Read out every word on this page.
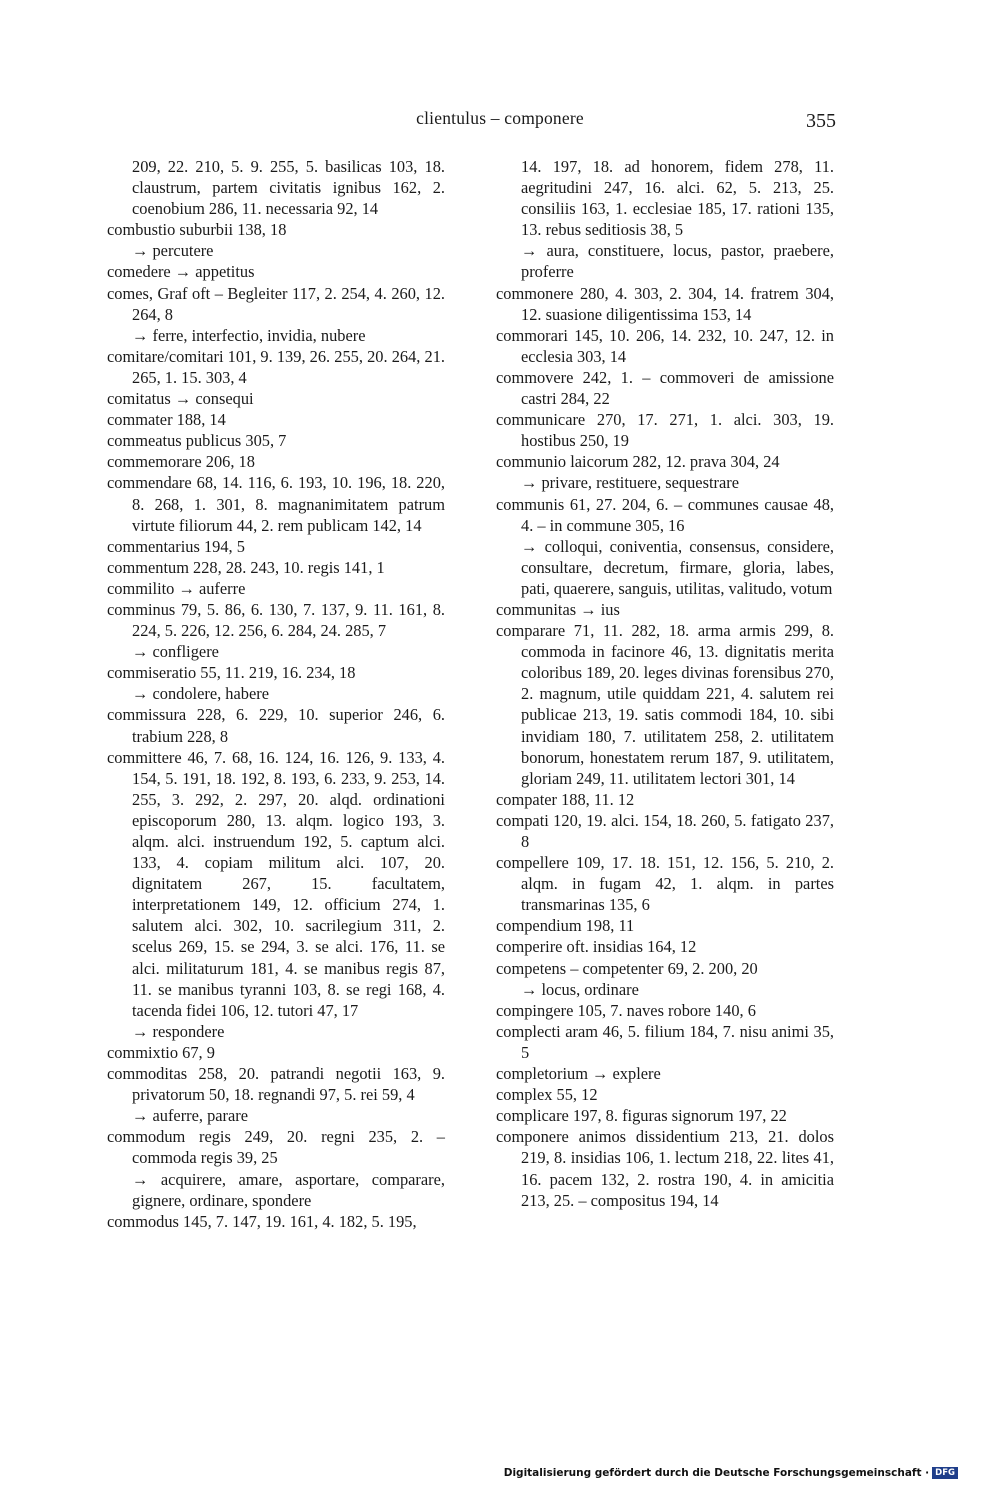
clientulus – componere	355

209, 22. 210, 5. 9. 255, 5. basilicas 103, 18. claustrum, partem civitatis ignibus 162, 2. coenobium 286, 11. necessaria 92, 14

combustio suburbii 138, 18

→ percutere

comedere → appetitus

comes, Graf oft – Begleiter 117, 2. 254, 4. 260, 12. 264, 8

→ ferre, interfectio, invidia, nubere

comitare/comitari 101, 9. 139, 26. 255, 20. 264, 21. 265, 1. 15. 303, 4

comitatus → consequi

commater 188, 14

commeatus publicus 305, 7

commemorare 206, 18

commendare 68, 14. 116, 6. 193, 10. 196, 18. 220, 8. 268, 1. 301, 8. magnanimitatem patrum virtute filiorum 44, 2. rem publicam 142, 14

commentarius 194, 5

commentum 228, 28. 243, 10. regis 141, 1

commilito → auferre

comminus 79, 5. 86, 6. 130, 7. 137, 9. 11. 161, 8. 224, 5. 226, 12. 256, 6. 284, 24. 285, 7

→ confligere

commiseratio 55, 11. 219, 16. 234, 18

→ condolere, habere

commissura 228, 6. 229, 10. superior 246, 6. trabium 228, 8

committere 46, 7. 68, 16. 124, 16. 126, 9. 133, 4. 154, 5. 191, 18. 192, 8. 193, 6. 233, 9. 253, 14. 255, 3. 292, 2. 297, 20. alqd. ordinationi episcoporum 280, 13. alqm. logico 193, 3. alqm. alci. instruendum 192, 5. captum alci. 133, 4. copiam militum alci. 107, 20. dignitatem 267, 15. facultatem, interpretationem 149, 12. officium 274, 1. salutem alci. 302, 10. sacrilegium 311, 2. scelus 269, 15. se 294, 3. se alci. 176, 11. se alci. militaturum 181, 4. se manibus regis 87, 11. se manibus tyranni 103, 8. se regi 168, 4. tacenda fidei 106, 12. tutori 47, 17

→ respondere

commixtio 67, 9

commoditas 258, 20. patrandi negotii 163, 9. privatorum 50, 18. regnandi 97, 5. rei 59, 4

→ auferre, parare

commodum regis 249, 20. regni 235, 2. – commoda regis 39, 25

→ acquirere, amare, asportare, comparare, gignere, ordinare, spondere

commodus 145, 7. 147, 19. 161, 4. 182, 5. 195,

14. 197, 18. ad honorem, fidem 278, 11. aegritudini 247, 16. alci. 62, 5. 213, 25. consiliis 163, 1. ecclesiae 185, 17. rationi 135, 13. rebus seditiosis 38, 5

→ aura, constituere, locus, pastor, praebere, proferre

commonere 280, 4. 303, 2. 304, 14. fratrem 304, 12. suasione diligentissima 153, 14

commorari 145, 10. 206, 14. 232, 10. 247, 12. in ecclesia 303, 14

commovere 242, 1. – commoveri de amissione castri 284, 22

communicare 270, 17. 271, 1. alci. 303, 19. hostibus 250, 19

communio laicorum 282, 12. prava 304, 24

→ privare, restituere, sequestrare

communis 61, 27. 204, 6. – communes causae 48, 4. – in commune 305, 16

→ colloqui, coniventia, consensus, considere, consultare, decretum, firmare, gloria, labes, pati, quaerere, sanguis, utilitas, valitudo, votum

communitas → ius

comparare 71, 11. 282, 18. arma armis 299, 8. commoda in facinore 46, 13. dignitatis merita coloribus 189, 20. leges divinas forensibus 270, 2. magnum, utile quiddam 221, 4. salutem rei publicae 213, 19. satis commodi 184, 10. sibi invidiam 180, 7. utilitatem 258, 2. utilitatem bonorum, honestatem rerum 187, 9. utilitatem, gloriam 249, 11. utilitatem lectori 301, 14

compater 188, 11. 12

compati 120, 19. alci. 154, 18. 260, 5. fatigato 237, 8

compellere 109, 17. 18. 151, 12. 156, 5. 210, 2. alqm. in fugam 42, 1. alqm. in partes transmarinas 135, 6

compendium 198, 11

comperire oft. insidias 164, 12

competens – competenter 69, 2. 200, 20

→ locus, ordinare

compingere 105, 7. naves robore 140, 6

complecti aram 46, 5. filium 184, 7. nisu animi 35, 5

completorium → explere

complex 55, 12

complicare 197, 8. figuras signorum 197, 22

componere animos dissidentium 213, 21. dolos 219, 8. insidias 106, 1. lectum 218, 22. lites 41, 16. pacem 132, 2. rostra 190, 4. in amicitia 213, 25. – compositus 194, 14

Digitalisierung gefördert durch die Deutsche Forschungsgemeinschaft · DFG
